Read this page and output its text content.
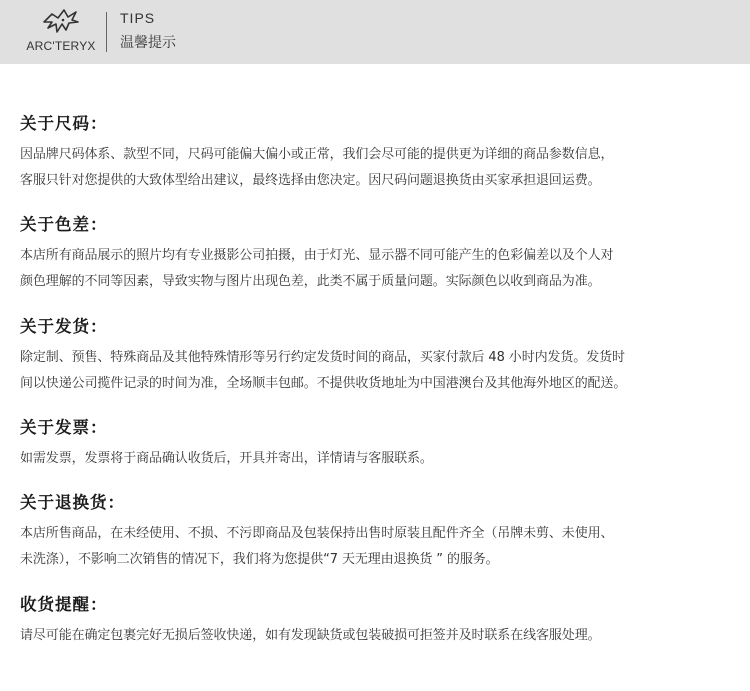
ARC'TERYX
TIPS
温馨提示
关于尺码：
因品牌尺码体系、款型不同，尺码可能偏大偏小或正常，我们会尽可能的提供更为详细的商品参数信息，
客服只针对您提供的大致体型给出建议，最终选择由您决定。因尺码问题退换货由买家承担退回运费。
关于色差：
本店所有商品展示的照片均有专业摄影公司拍摄，由于灯光、显示器不同可能产生的色彩偏差以及个人对
颜色理解的不同等因素，导致实物与图片出现色差，此类不属于质量问题。实际颜色以收到商品为准。
关于发货：
除定制、预售、特殊商品及其他特殊情形等另行约定发货时间的商品，买家付款后 48 小时内发货。发货时
间以快递公司揽件记录的时间为准，全场顺丰包邮。不提供收货地址为中国港澳台及其他海外地区的配送。
关于发票：
如需发票，发票将于商品确认收货后，开具并寄出，详情请与客服联系。
关于退换货：
本店所售商品，在未经使用、不损、不污即商品及包装保持出售时原装且配件齐全（吊牌未剪、未使用、
未洗涤），不影响二次销售的情况下，我们将为您提供“7 天无理由退换货 ” 的服务。
收货提醒：
请尽可能在确定包裹完好无损后签收快递，如有发现缺货或包装破损可拒签并及时联系在线客服处理。
